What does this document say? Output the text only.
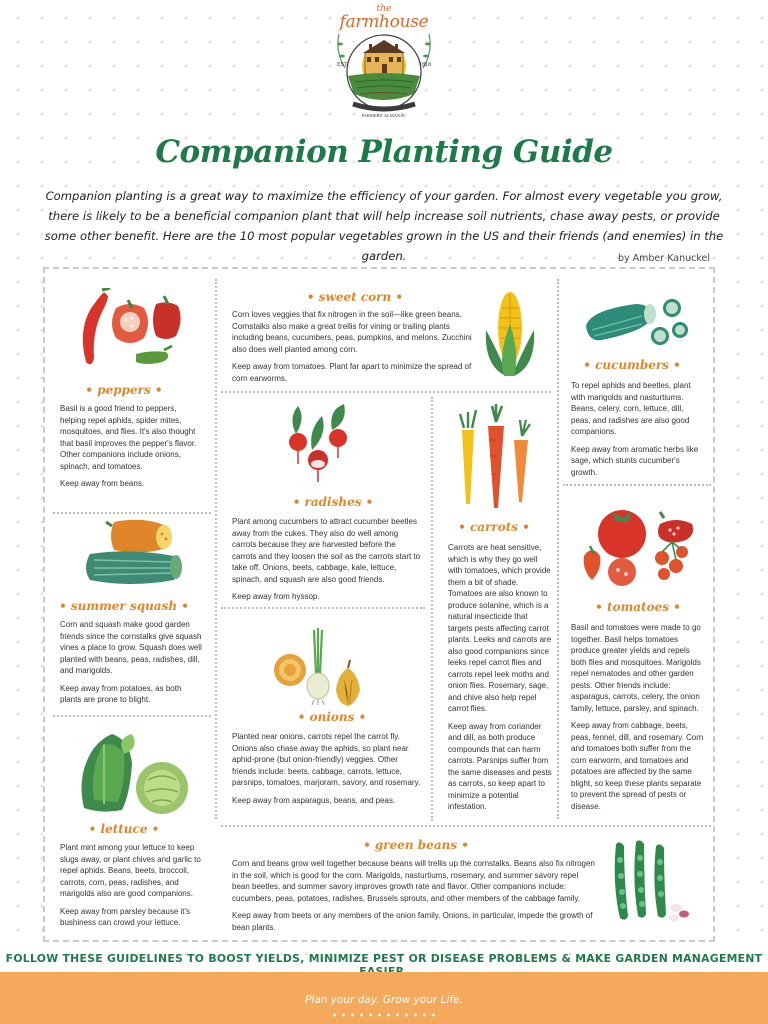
the
farmhouse
EST.	1818
FARMERS' ALMANAC
Companion Planting Guide
Companion planting is a great way to maximize the efficiency of your garden. For almost every vegetable you grow, there is likely to be a beneficial companion plant that will help increase soil nutrients, chase away pests, or provide some other benefit. Here are the 10 most popular vegetables grown in the US and their friends (and enemies) in the garden.	by Amber Kanuckel
• peppers •

Basil is a good friend to peppers, helping repel aphids, spider mites, mosquitoes, and flies. It's also thought that basil improves the pepper's flavor. Other companions include onions, spinach, and tomatoes.

Keep away from beans.

• summer squash •

Corn and squash make good garden friends since the cornstalks give squash vines a place to grow. Squash does well planted with beans, peas, radishes, dill, and marigolds.

Keep away from potatoes, as both plants are prone to blight.

• lettuce •

Plant mint among your lettuce to keep slugs away, or plant chives and garlic to repel aphids. Beans, beets, broccoli, carrots, corn, peas, radishes, and marigolds also are good companions.

Keep away from parsley because it's bushiness can crowd your lettuce.

• sweet corn •

Corn loves veggies that fix nitrogen in the soil—like green beans. Cornstalks also make a great trellis for vining or trailing plants including beans, cucumbers, peas, pumpkins, and melons. Zucchini also does well planted among corn.

Keep away from tomatoes. Plant far apart to minimize the spread of corn earworms.

• radishes •

Plant among cucumbers to attract cucumber beetles away from the cukes. They also do well among carrots because they are harvested before the carrots and they loosen the soil as the carrots start to take off. Onions, beets, cabbage, kale, lettuce, spinach, and squash are also good friends.

Keep away from hyssop.

• onions •

Planted near onions, carrots repel the carrot fly. Onions also chase away the aphids, so plant near aphid-prone (but onion-friendly) veggies. Other friends include: beets, cabbage, carrots, lettuce, parsnips, tomatoes, marjoram, savory, and rosemary.

Keep away from asparagus, beans, and peas.

• carrots •

Carrots are heat sensitive, which is why they go well with tomatoes, which provide them a bit of shade. Tomatoes are also known to produce solanine, which is a natural insecticide that targets pests affecting carrot plants. Leeks and carrots are also good companions since leeks repel carrot flies and carrots repel leek moths and onion flies. Rosemary, sage, and chive also help repel carrot flies.

Keep away from coriander and dill, as both produce compounds that can harm carrots. Parsnips suffer from the same diseases and pests as carrots, so keep apart to minimize a potential infestation.

• cucumbers •

To repel aphids and beetles, plant with marigolds and nasturtiums. Beans, celery, corn, lettuce, dill, peas, and radishes are also good companions.

Keep away from aromatic herbs like sage, which stunts cucumber's growth.

• tomatoes •

Basil and tomatoes were made to go together. Basil helps tomatoes produce greater yields and repels both flies and mosquitoes. Marigolds repel nematodes and other garden pests. Other friends include: asparagus, carrots, celery, the onion family, lettuce, parsley, and spinach.

Keep away from cabbage, beets, peas, fennel, dill, and rosemary. Corn and tomatoes both suffer from the corn earworm, and tomatoes and potatoes are affected by the same blight, so keep these plants separate to prevent the spread of pests or disease.

• green beans •

Corn and beans grow well together because beans will trellis up the cornstalks. Beans also fix nitrogen in the soil, which is good for the corn. Marigolds, nasturtiums, rosemary, and summer savory repel bean beetles, and summer savory improves growth rate and flavor. Other companions include: cucumbers, peas, potatoes, radishes, Brussels sprouts, and other members of the cabbage family.

Keep away from beets or any members of the onion family. Onions, in particular, impede the growth of bean plants.

FOLLOW THESE GUIDELINES TO BOOST YIELDS, MINIMIZE PEST OR DISEASE PROBLEMS & MAKE GARDEN MANAGEMENT
Plan your day. Grow your Life.
